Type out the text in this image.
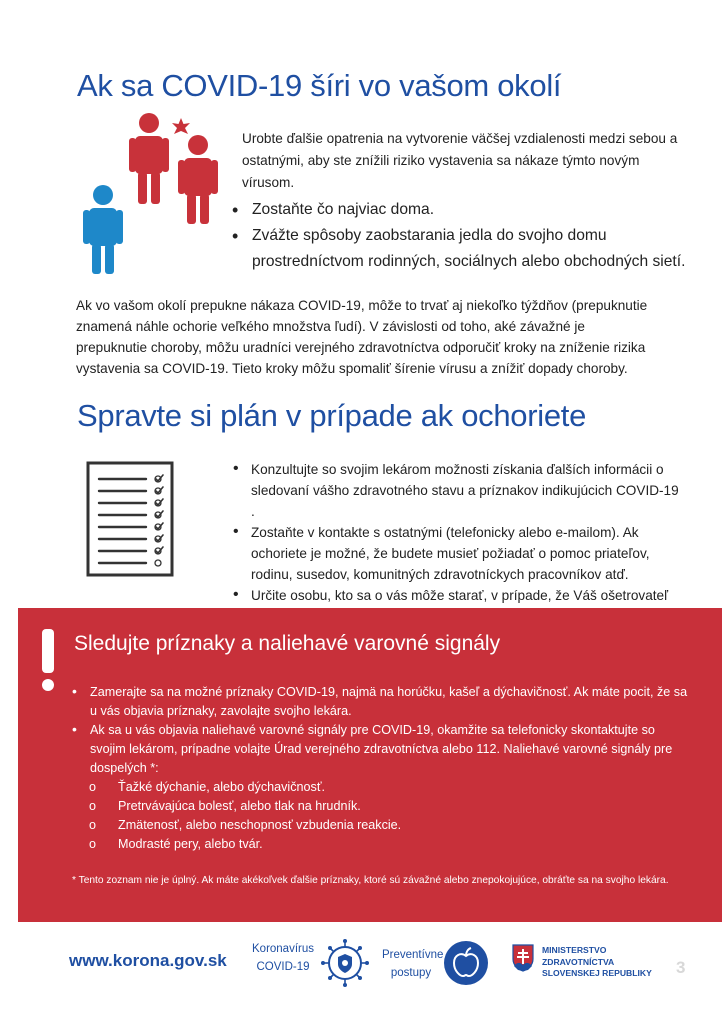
Ak sa COVID-19 šíri vo vašom okolí
Urobte ďalšie opatrenia na vytvorenie väčšej vzdialenosti medzi sebou a ostatnými, aby ste znížili riziko vystavenia sa nákaze týmto novým vírusom.
• Zostaňte čo najviac doma.
• Zvážte spôsoby zaobstarania jedla do svojho domu prostredníctvom rodinných, sociálnych alebo obchodných sietí.
Ak vo vašom okolí prepukne nákaza COVID-19, môže to trvať aj niekoľko týždňov (prepuknutie znamená náhle ochorie veľkého množstva ľudí). V závislosti od toho, aké závažné je prepuknutie choroby, môžu uradníci verejného zdravotníctva odporučiť kroky na zníženie rizika vystavenia sa COVID-19. Tieto kroky môžu spomaliť šírenie vírusu a znížiť dopady choroby.
Spravte si plán v prípade ak ochoriete
• Konzultujte so svojim lekárom možnosti získania ďalších informácii o sledovaní vášho zdravotného stavu a príznakov indikujúcich COVID-19 .
• Zostaňte v kontakte s ostatnými (telefonicky alebo e-mailom). Ak ochoriete je možné, že budete musieť požiadať o pomoc priateľov, rodinu, susedov, komunitných zdravotníckych pracovníkov atď.
• Určite osobu, kto sa o vás môže starať, v prípade, že Váš ošetrovateľ
Sledujte príznaky a naliehavé varovné signály
• Zamerajte sa na možné príznaky COVID-19, najmä na horúčku, kašeľ a dýchavičnosť. Ak máte pocit, že sa u vás objavia príznaky, zavolajte svojho lekára.
• Ak sa u vás objavia naliehavé varovné signály pre COVID-19, okamžite sa telefonicky skontaktujte so svojim lekárom, prípadne volajte Úrad verejného zdravotníctva alebo 112. Naliehavé varovné signály pre dospelých *:
o Ťažké dýchanie, alebo dýchavičnosť.
o Pretrvávajúca bolesť, alebo tlak na hrudník.
o Zmätenosť, alebo neschopnosť vzbudenia reakcie.
o Modrasté pery, alebo tvár.
* Tento zoznam nie je úplný. Ak máte akékoľvek ďalšie príznaky, ktoré sú závažné alebo znepokojujúce, obráťte sa na svojho lekára.
www.korona.gov.sk
Koronavírus
COVID-19
Preventívne
postupy
MINISTERSTVO
ZDRAVOTNÍCTVA
SLOVENSKEJ REPUBLIKY 3
